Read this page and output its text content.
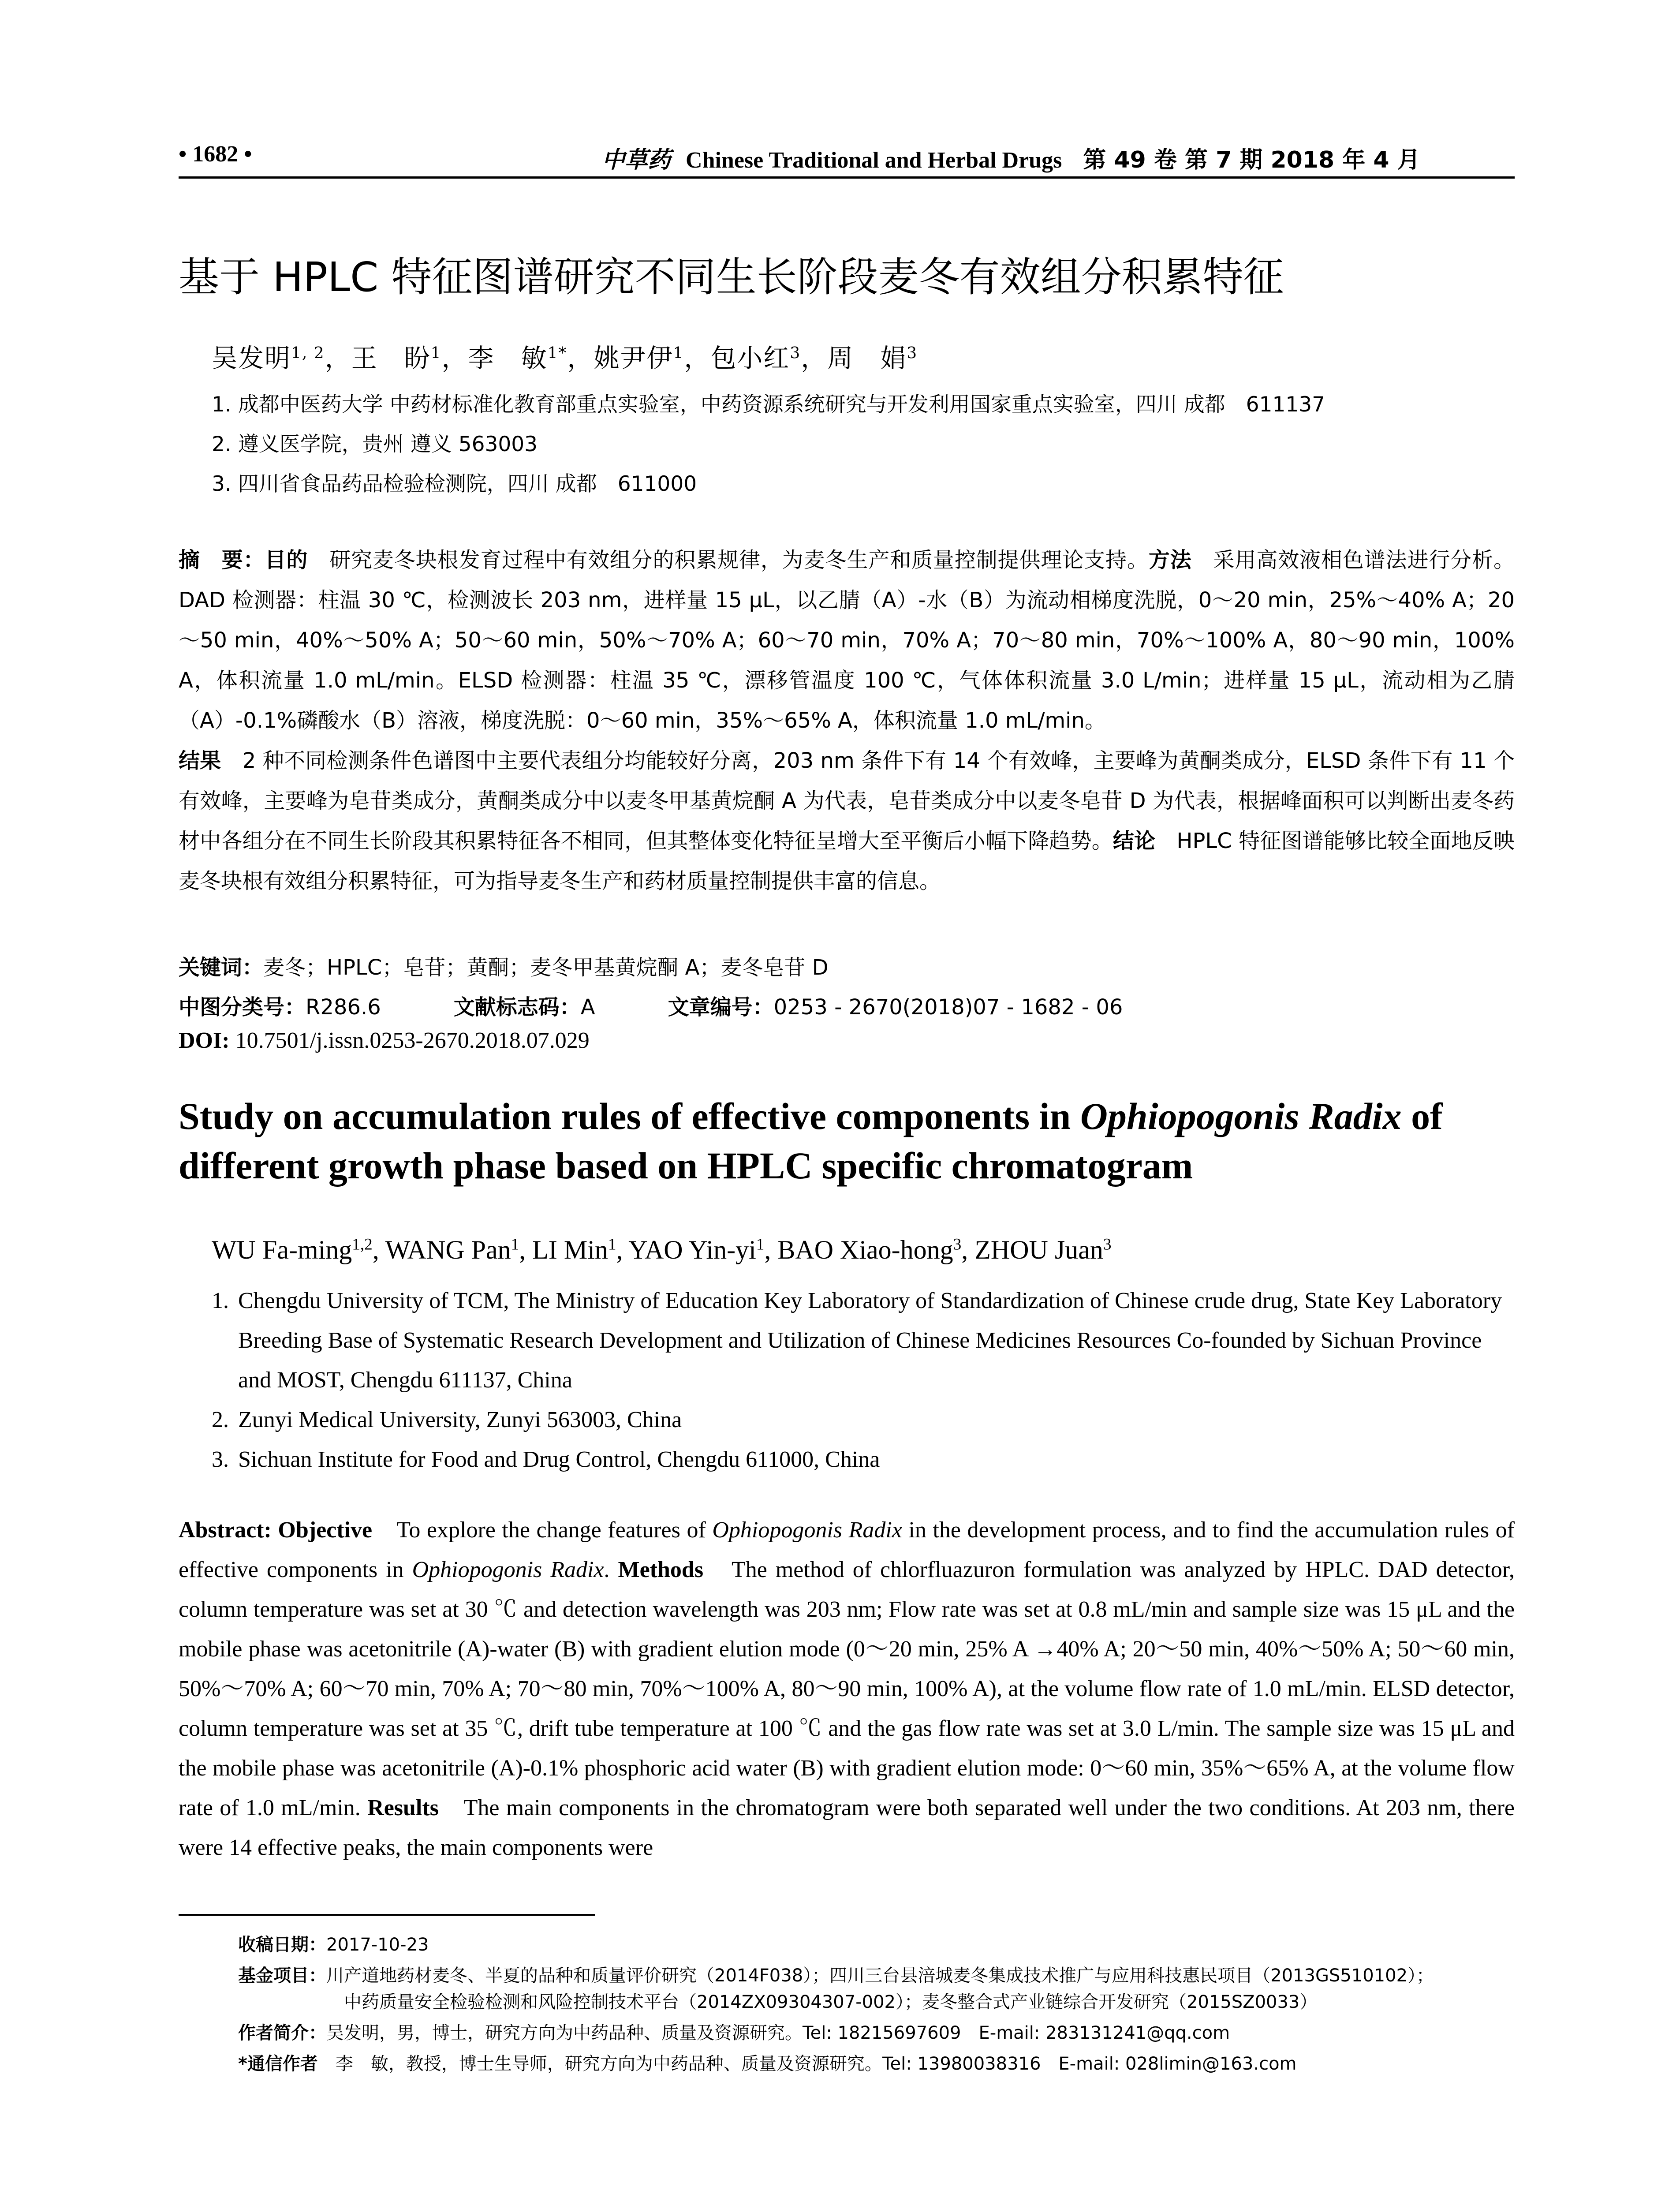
• 1682 •	中草药 Chinese Traditional and Herbal Drugs 第 49 卷 第 7 期 2018 年 4 月
基于 HPLC 特征图谱研究不同生长阶段麦冬有效组分积累特征
吴发明$^{1, 2}$，王　盼$^1$，李　敏$^{1*}$，姚尹伊$^1$，包小红$^3$，周　娟$^3$
1. 成都中医药大学 中药材标准化教育部重点实验室，中药资源系统研究与开发利用国家重点实验室，四川 成都　611137
2. 遵义医学院，贵州 遵义 563003
3. 四川省食品药品检验检测院，四川 成都　611000
摘　要：目的　研究麦冬块根发育过程中有效组分的积累规律，为麦冬生产和质量控制提供理论支持。方法　采用高效液相色谱法进行分析。DAD 检测器：柱温 30 ℃，检测波长 203 nm，进样量 15 μL，以乙腈（A）-水（B）为流动相梯度洗脱，0～20 min，25%～40% A；20～50 min，40%～50% A；50～60 min，50%～70% A；60～70 min，70% A；70～80 min，70%～100% A，80～90 min，100% A，体积流量 1.0 mL/min。ELSD 检测器：柱温 35 ℃，漂移管温度 100 ℃，气体体积流量 3.0 L/min；进样量 15 μL，流动相为乙腈（A）-0.1%磷酸水（B）溶液，梯度洗脱：0～60 min，35%～65% A，体积流量 1.0 mL/min。
结果　2 种不同检测条件色谱图中主要代表组分均能较好分离，203 nm 条件下有 14 个有效峰，主要峰为黄酮类成分，ELSD 条件下有 11 个有效峰，主要峰为皂苷类成分，黄酮类成分中以麦冬甲基黄烷酮 A 为代表，皂苷类成分中以麦冬皂苷 D 为代表，根据峰面积可以判断出麦冬药材中各组分在不同生长阶段其积累特征各不相同，但其整体变化特征呈增大至平衡后小幅下降趋势。结论　HPLC 特征图谱能够比较全面地反映麦冬块根有效组分积累特征，可为指导麦冬生产和药材质量控制提供丰富的信息。
关键词：麦冬；HPLC；皂苷；黄酮；麦冬甲基黄烷酮 A；麦冬皂苷 D
中图分类号：R286.6	文献标志码：A	文章编号：0253 - 2670(2018)07 - 1682 - 06
DOI: 10.7501/j.issn.0253-2670.2018.07.029
Study on accumulation rules of effective components in Ophiopogonis Radix of different growth phase based on HPLC specific chromatogram
WU Fa-ming$^{1,2}$, WANG Pan$^1$, LI Min$^1$, YAO Yin-$yi^1$, BAO Xiao-hong$^3$, ZHOU Juan$^3$
1. Chengdu University of TCM, The Ministry of Education Key Laboratory of Standardization of Chinese crude drug, State Key Laboratory Breeding Base of Systematic Research Development and Utilization of Chinese Medicines Resources Co-founded by Sichuan Province and MOST, Chengdu 611137, China
2. Zunyi Medical University, Zunyi 563003, China
3. Sichuan Institute for Food and Drug Control, Chengdu 611000, China
Abstract: Objective　To explore the change features of Ophiopogonis Radix in the development process, and to find the accumulation rules of effective components in Ophiopogonis Radix. Methods　The method of chlorfluazuron formulation was analyzed by HPLC. DAD detector, column temperature was set at 30 ℃ and detection wavelength was 203 nm; Flow rate was set at 0.8 mL/min and sample size was 15 μL and the mobile phase was acetonitrile (A)-water (B) with gradient elution mode (0～20 min, 25% A →40% A; 20～50 min, 40%～50% A; 50～60 min, 50%～70% A; 60～70 min, 70% A; 70～80 min, 70%～100% A, 80～90 min, 100% A), at the volume flow rate of 1.0 mL/min. ELSD detector, column temperature was set at 35 ℃, drift tube temperature at 100 ℃ and the gas flow rate was set at 3.0 L/min. The sample size was 15 μL and the mobile phase was acetonitrile (A)-0.1% phosphoric acid water (B) with gradient elution mode: 0～60 min, 35%～65% A, at the volume flow rate of 1.0 mL/min. Results　The main components in the chromatogram were both separated well under the two conditions. At 203 nm, there were 14 effective peaks, the main components were
收稿日期：2017-10-23
基金项目：川产道地药材麦冬、半夏的品种和质量评价研究（2014F038）；四川三台县涪城麦冬集成技术推广与应用科技惠民项目（2013GS510102）；
中药质量安全检验检测和风险控制技术平台（2014ZX09304307-002）；麦冬整合式产业链综合开发研究（2015SZ0033）
作者简介：吴发明，男，博士，研究方向为中药品种、质量及资源研究。Tel: 18215697609　E-mail: 283131241@qq.com
*通信作者　李　敏，教授，博士生导师，研究方向为中药品种、质量及资源研究。Tel: 13980038316　E-mail: 028limin@163.com
